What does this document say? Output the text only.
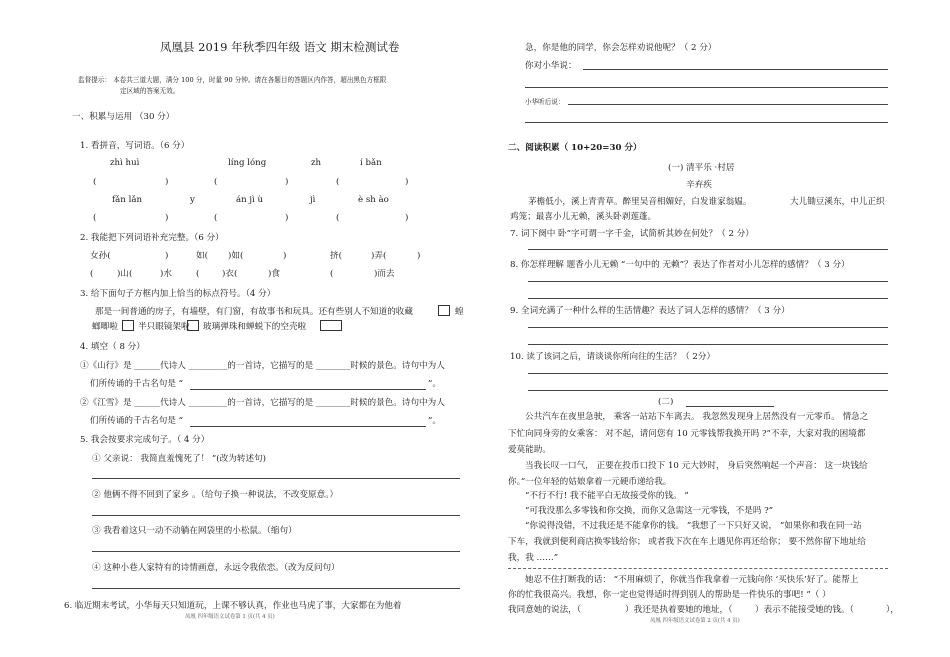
凤凰县 2019 年秋季四年级 语文 期末检测试卷
监督提示： 本卷共三道大题，满分 100 分，时量 90 分钟。请在各题目的答题区内作答，超出黑色方框限
定区域的答案无效。
一、积累与运用 （30 分）
1. 看拼音，写词语。（6 分）
zhì huì	líng lóng	zh	í bǎn
(	)	(	)	(	)
fǎn lǎn	y	án jì ù	jì	è sh ào
(	)	(	)	(	)
2. 我能把下列词语补充完整。（6 分）
女孙(	)	如( )如(	)	挤(	)弄(	)
(	)山(	)水	(	)衣(	)食	(	)而去
3. 给下面句子方框内加上恰当的标点符号。（4 分）
那是一间普通的房子，有墙壁，有门窗，有故事书和玩具。还有些别人不知道的收藏	蝗
螂唧啦 半只眼镜架啦 玻璃弹珠和蝉蜕下的空壳啦
4. 填空（ 8 分）
①《山行》是 ______代诗人 _________的一首诗，它描写的是 ________时候的景色。诗句中为人
们所传诵的千古名句是 “	”。
②《江雪》是 ______代诗人 _________的一首诗，它描写的是 ________时候的景色。诗句中为人
们所传诵的千古名句是 “	”。
5. 我会按要求完成句子。（ 4 分）
① 父亲说： 我简直羞愧死了！ ”(改为转述句)
② 他俩不得不回到了家乡 。（给句子换一种说法，不改变原意。）
③ 我看着这只一动不动躺在网袋里的小松鼠。（缩句）
④ 这种小巷人家特有的诗情画意，永远令我依恋。（改为反问句）
6. 临近期末考试，小华每天只知道玩，上课不够认真，作业也马虎了事，大家都在为他着
凤凰 四年级语文试卷第 1 页(共 4 页)
急，你是他的同学，你会怎样劝说他呢？（ 2 分）
你对小华说：
小华听后说：
二、阅读积累（ 10+20=30 分）
(一) 清平乐 ·村居
辛弃疾
茅檐低小，溪上青青草。醉里吴音相媚好，白发谁家翁媪。	大儿锄豆溪东，中儿正织
鸡笼；最喜小儿无赖，溪头卧剥莲蓬。
7. 词下阕中 卧”字可谓一字千金，试简析其妙在何处？（ 2 分）
8. 你怎样理解 题香小儿无赖 “一句中的 无赖”？表达了作者对小儿怎样的感情？（ 3 分）
9. 全词充满了一种什么样的生活情趣？表达了词人怎样的感情？（ 3 分）
10. 读了该词之后，请谈谈你所向往的生活？（ 2分）
(二)
公共汽车在夜里急驶， 乘客一站站下车离去。 我忽然发现身上居然没有一元零币。 情急之
下忙向同身旁的女乘客： 对不起，请问您有 10 元零钱帮我换开吗 ?”不幸，大家对我的困境都
爱莫能助。
当我长叹一口气， 正要在投币口投下 10 元大钞时， 身后突然响起一个声音： 这一块钱给
你。”一位年轻的姑娘拿着一元硬币递给我。
“不行不行! 我不能平白无故接受你的钱。 ”
“可我没那么多零钱和你交换，而你又急需这一元零钱，不是吗 ?”
“你说得没错，不过我还是不能拿你的钱。 ”我想了一下只好又说， “如果你和我在同一站
下车，我就到便利商店换零钱给你； 或者我下次在车上遇见你再还给你； 要不然你留下地址给
我，我 ……”
她忍不住打断我的话： “不用麻烦了，你就当作我拿着一元钱向你 ‘买快乐’好了。能帮上
你的忙我很高兴。我想，你一定也觉得适时得到别人的帮助是一件快乐的事吧! ”（ ）
我同意她的说法，（	）我还是执着要她的地址，（	）表示不能接受她的钱。（	），
凤凰 四年级语文试卷第 2 页(共 4 页)
